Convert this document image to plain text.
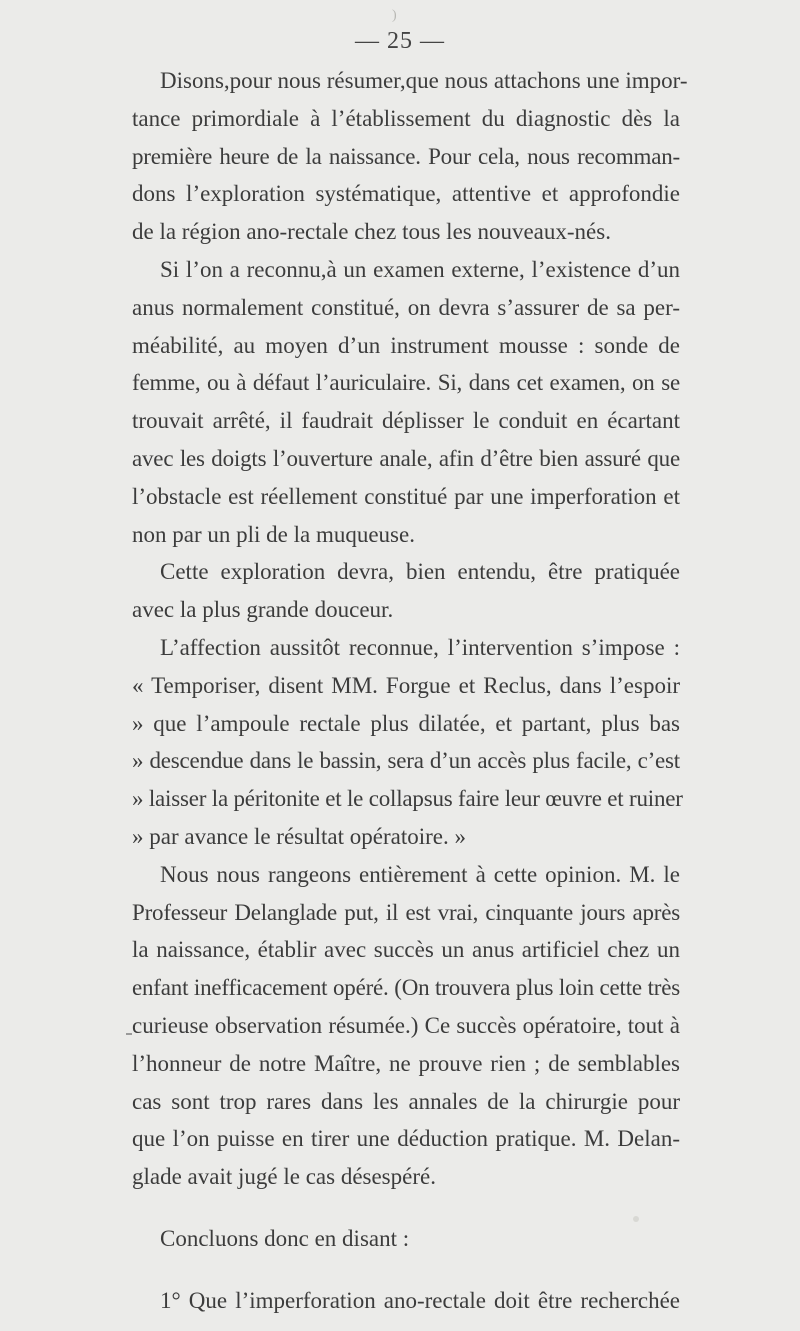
)
— 25 —
Disons,pour nous résumer,que nous attachons une impor-
tance primordiale à l’établissement du diagnostic dès la
première heure de la naissance. Pour cela, nous recomman-
dons l’exploration systématique, attentive et approfondie
de la région ano-rectale chez tous les nouveaux-nés.
Si l’on a reconnu,à un examen externe, l’existence d’un
anus normalement constitué, on devra s’assurer de sa per-
méabilité, au moyen d’un instrument mousse : sonde de
femme, ou à défaut l’auriculaire. Si, dans cet examen, on se
trouvait arrêté, il faudrait déplisser le conduit en écartant
avec les doigts l’ouverture anale, afin d’être bien assuré que
l’obstacle est réellement constitué par une imperforation et
non par un pli de la muqueuse.
Cette exploration devra, bien entendu, être pratiquée
avec la plus grande douceur.
L’affection aussitôt reconnue, l’intervention s’impose :
« Temporiser, disent MM. Forgue et Reclus, dans l’espoir
» que l’ampoule rectale plus dilatée, et partant, plus bas
» descendue dans le bassin, sera d’un accès plus facile, c’est
» laisser la péritonite et le collapsus faire leur œuvre et ruiner
» par avance le résultat opératoire. »
Nous nous rangeons entièrement à cette opinion. M. le
Professeur Delanglade put, il est vrai, cinquante jours après
la naissance, établir avec succès un anus artificiel chez un
enfant inefficacement opéré. (On trouvera plus loin cette très
curieuse observation résumée.) Ce succès opératoire, tout à
l’honneur de notre Maître, ne prouve rien ; de semblables
cas sont trop rares dans les annales de la chirurgie pour
que l’on puisse en tirer une déduction pratique. M. Delan-
glade avait jugé le cas désespéré.
Concluons donc en disant :
1° Que l’imperforation ano-rectale doit être recherchée
